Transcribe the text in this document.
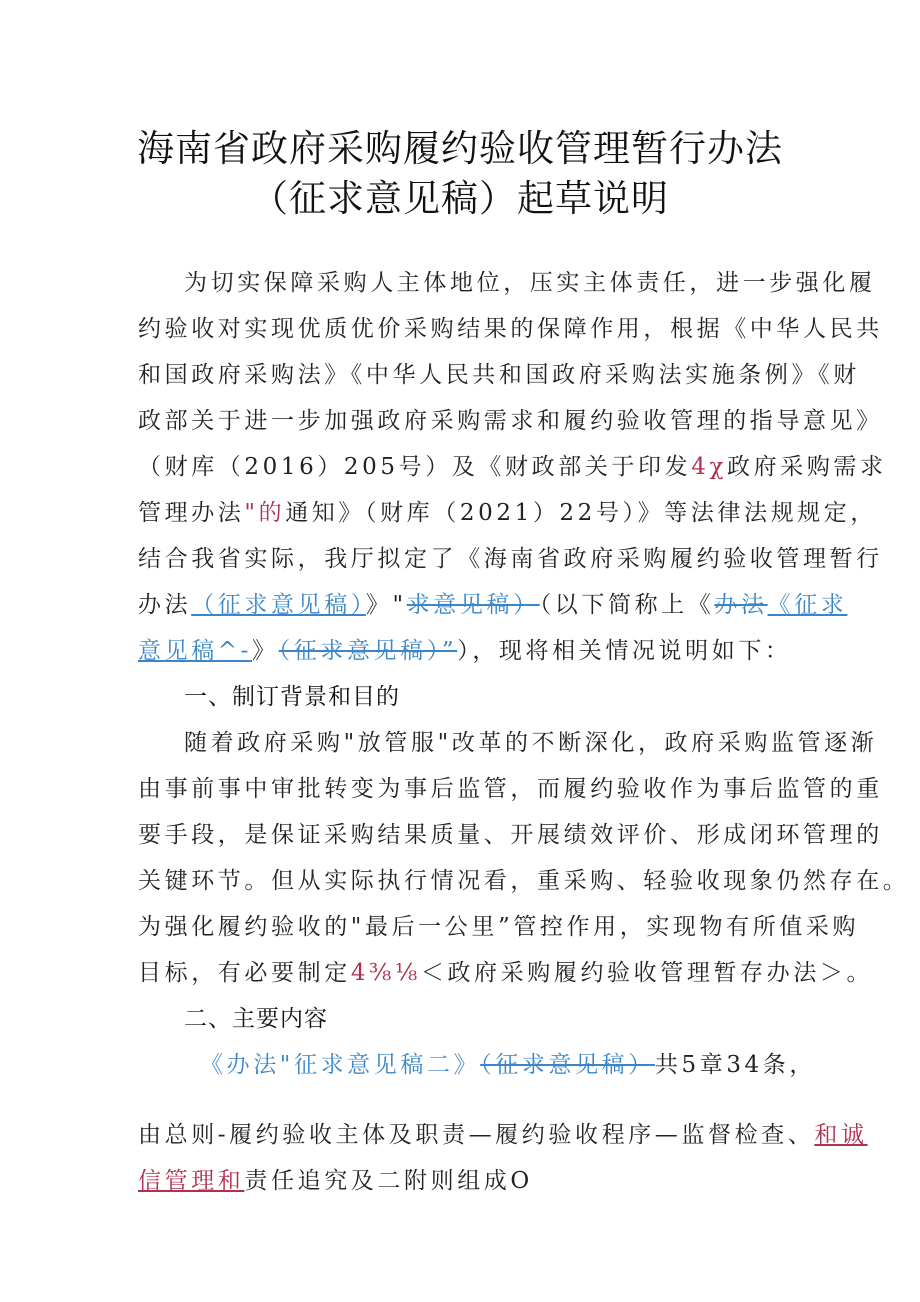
海南省政府采购履约验收管理暂行办法
（征求意见稿）起草说明
为切实保障采购人主体地位，压实主体责任，进一步强化履
约验收对实现优质优价采购结果的保障作用，根据《中华人民共
和国政府采购法》《中华人民共和国政府采购法实施条例》《财
政部关于进一步加强政府采购需求和履约验收管理的指导意见》
（财库（2016）205号）及《财政部关于印发4χ政府采购需求
管理办法"的通知》（财库（2021）22号）》等法律法规规定，
结合我省实际，我厅拟定了《海南省政府采购履约验收管理暂行
办法（征求意见稿）》"求意见稿）（以下简称上《办法《征求
意见稿^-》（征求意见稿）”），现将相关情况说明如下：
一、制订背景和目的
随着政府采购"放管服"改革的不断深化，政府采购监管逐渐
由事前事中审批转变为事后监管，而履约验收作为事后监管的重
要手段，是保证采购结果质量、开展绩效评价、形成闭环管理的
关键环节。但从实际执行情况看，重采购、轻验收现象仍然存在。
为强化履约验收的"最后一公里”管控作用，实现物有所值采购
目标，有必要制定4⅜⅛＜政府采购履约验收管理暂存办法＞。
二、主要内容
《办法"征求意见稿二》（征求意见稿）共5章34条，
由总则-履约验收主体及职责—履约验收程序—监督检查、和诚
信管理和责任追究及二附则组成O
